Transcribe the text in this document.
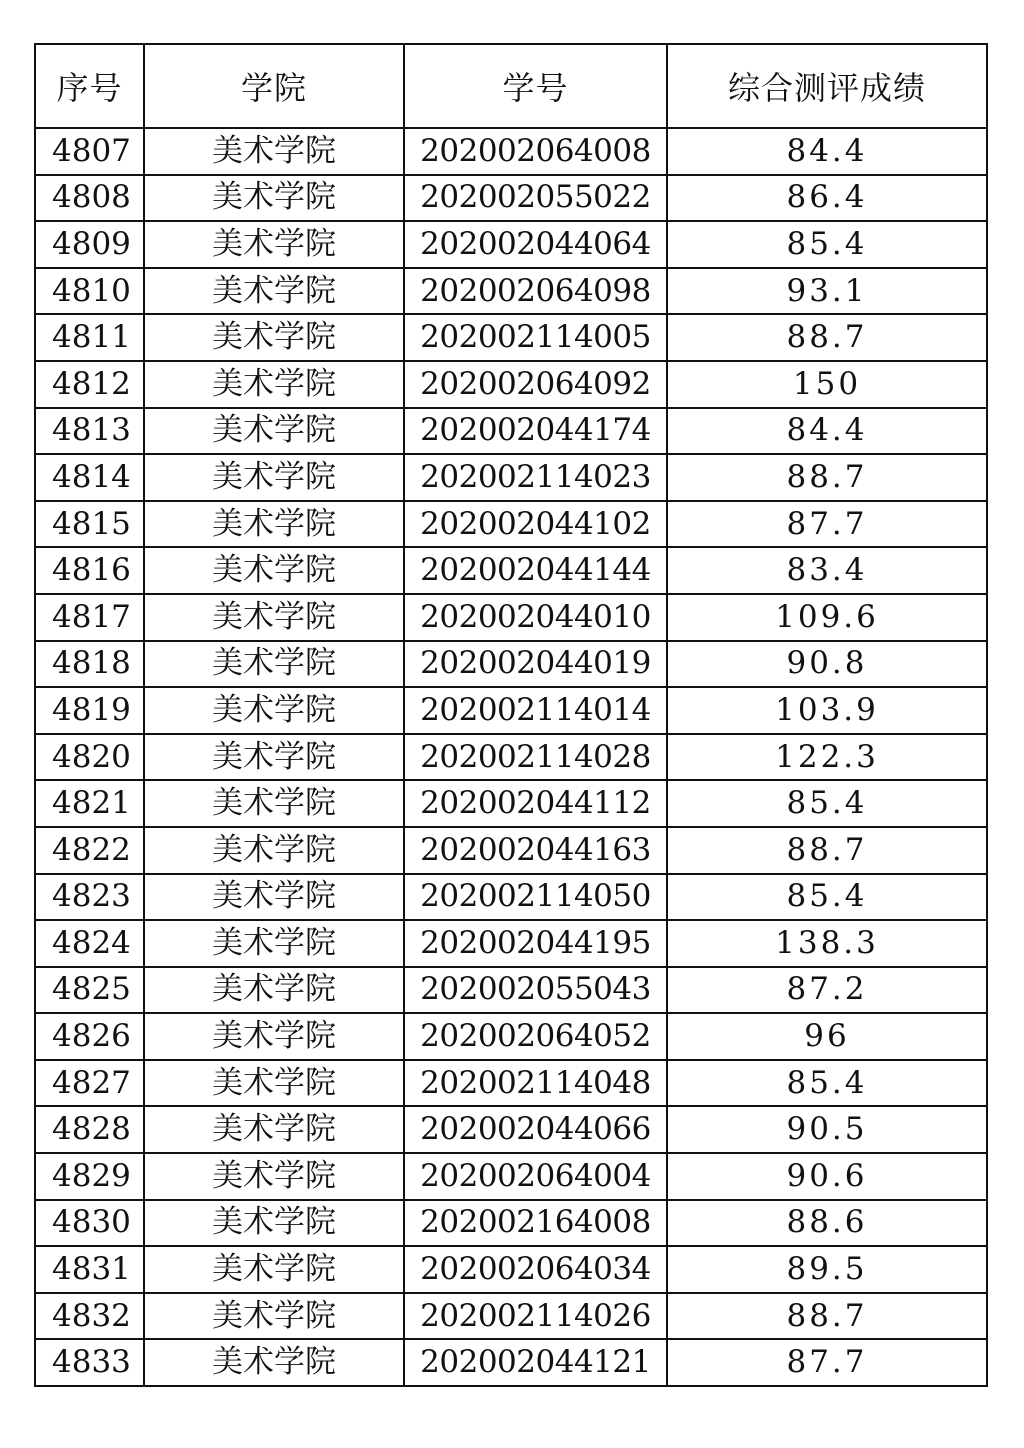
序号	学院	学号	综合测评成绩
4807	美术学院	202002064008	84.4
4808	美术学院	202002055022	86.4
4809	美术学院	202002044064	85.4
4810	美术学院	202002064098	93.1
4811	美术学院	202002114005	88.7
4812	美术学院	202002064092	150
4813	美术学院	202002044174	84.4
4814	美术学院	202002114023	88.7
4815	美术学院	202002044102	87.7
4816	美术学院	202002044144	83.4
4817	美术学院	202002044010	109.6
4818	美术学院	202002044019	90.8
4819	美术学院	202002114014	103.9
4820	美术学院	202002114028	122.3
4821	美术学院	202002044112	85.4
4822	美术学院	202002044163	88.7
4823	美术学院	202002114050	85.4
4824	美术学院	202002044195	138.3
4825	美术学院	202002055043	87.2
4826	美术学院	202002064052	96
4827	美术学院	202002114048	85.4
4828	美术学院	202002044066	90.5
4829	美术学院	202002064004	90.6
4830	美术学院	202002164008	88.6
4831	美术学院	202002064034	89.5
4832	美术学院	202002114026	88.7
4833	美术学院	202002044121	87.7
